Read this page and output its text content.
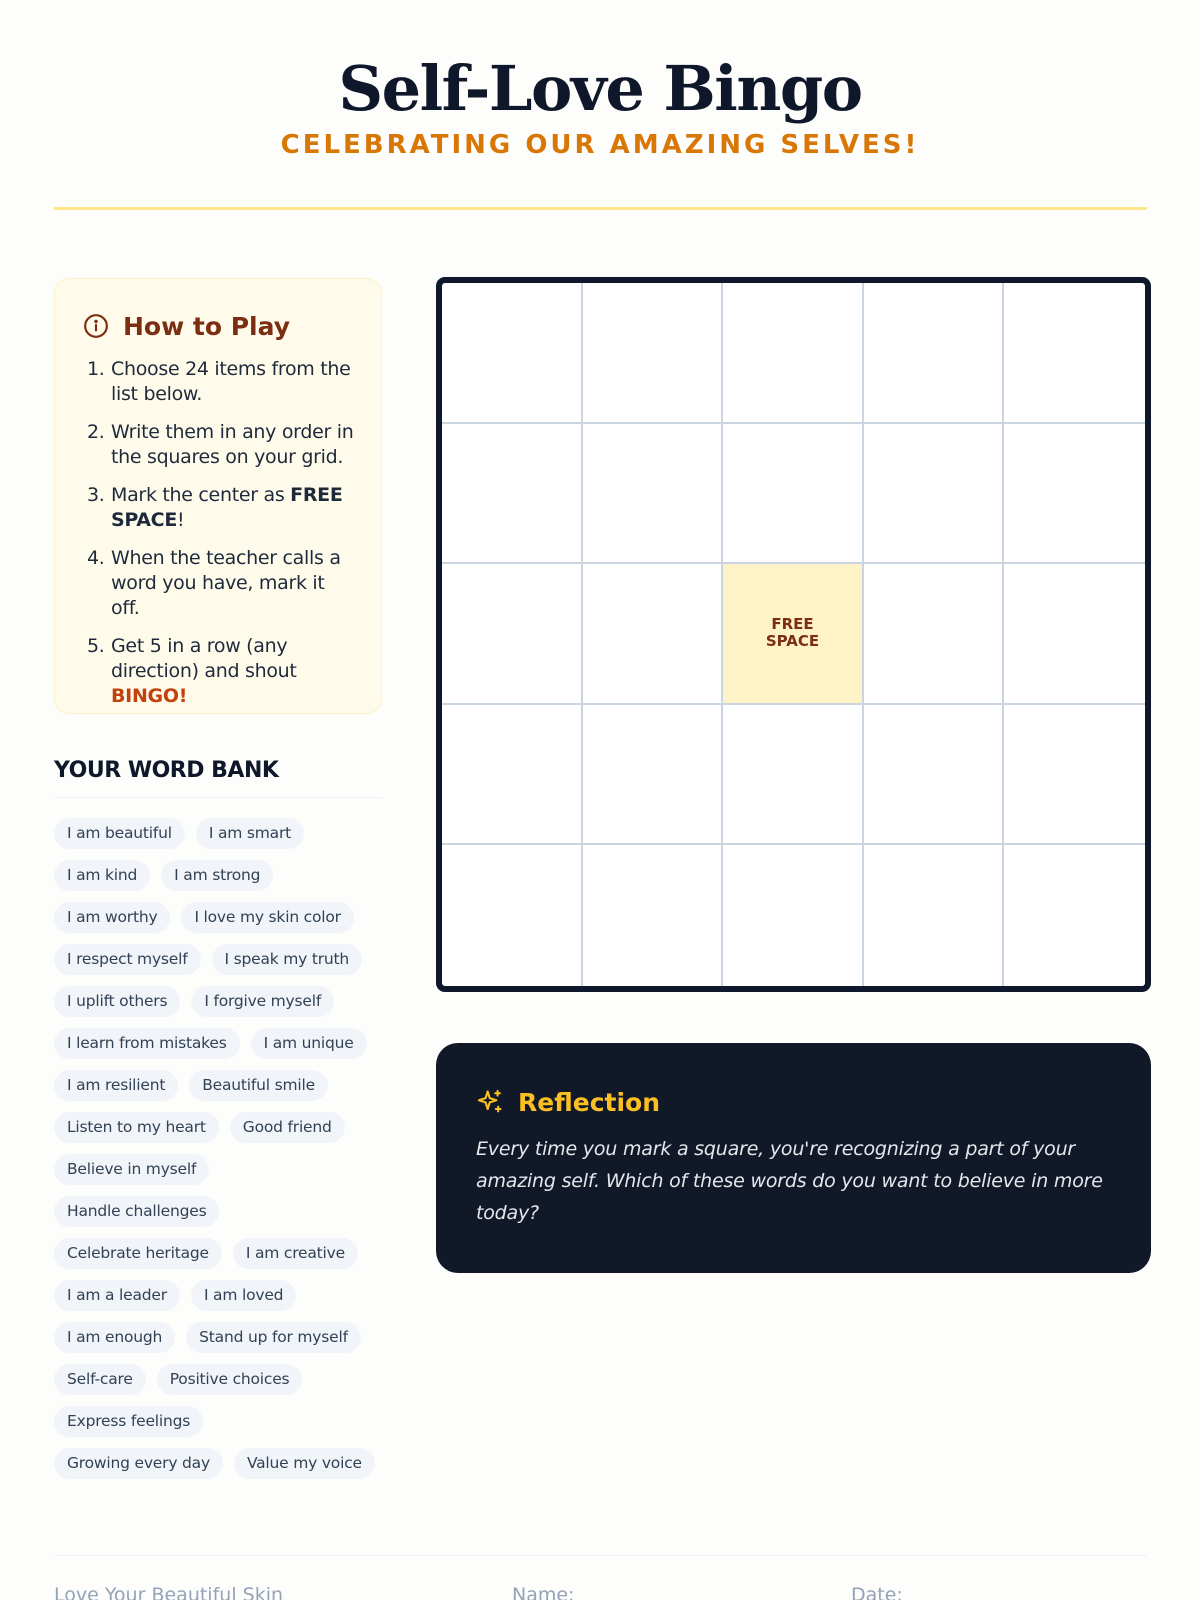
Self-Love Bingo
CELEBRATING OUR AMAZING SELVES!
How to Play
1. Choose 24 items from the list below.
2. Write them in any order in the squares on your grid.
3. Mark the center as FREE SPACE!
4. When the teacher calls a word you have, mark it off.
5. Get 5 in a row (any direction) and shout BINGO!
YOUR WORD BANK
I am beautiful	I am smart
I am kind	I am strong
I am worthy	I love my skin color
I respect myself	I speak my truth
I uplift others	I forgive myself
I learn from mistakes	I am unique
I am resilient	Beautiful smile
Listen to my heart	Good friend
Believe in myself
Handle challenges
Celebrate heritage	I am creative
I am a leader	I am loved
I am enough	Stand up for myself
Self-care	Positive choices
Express feelings
Growing every day	Value my voice
FREE SPACE
Reflection
Every time you mark a square, you're recognizing a part of your amazing self. Which of these words do you want to believe in more today?
Love Your Beautiful Skin	Name:	Date:
